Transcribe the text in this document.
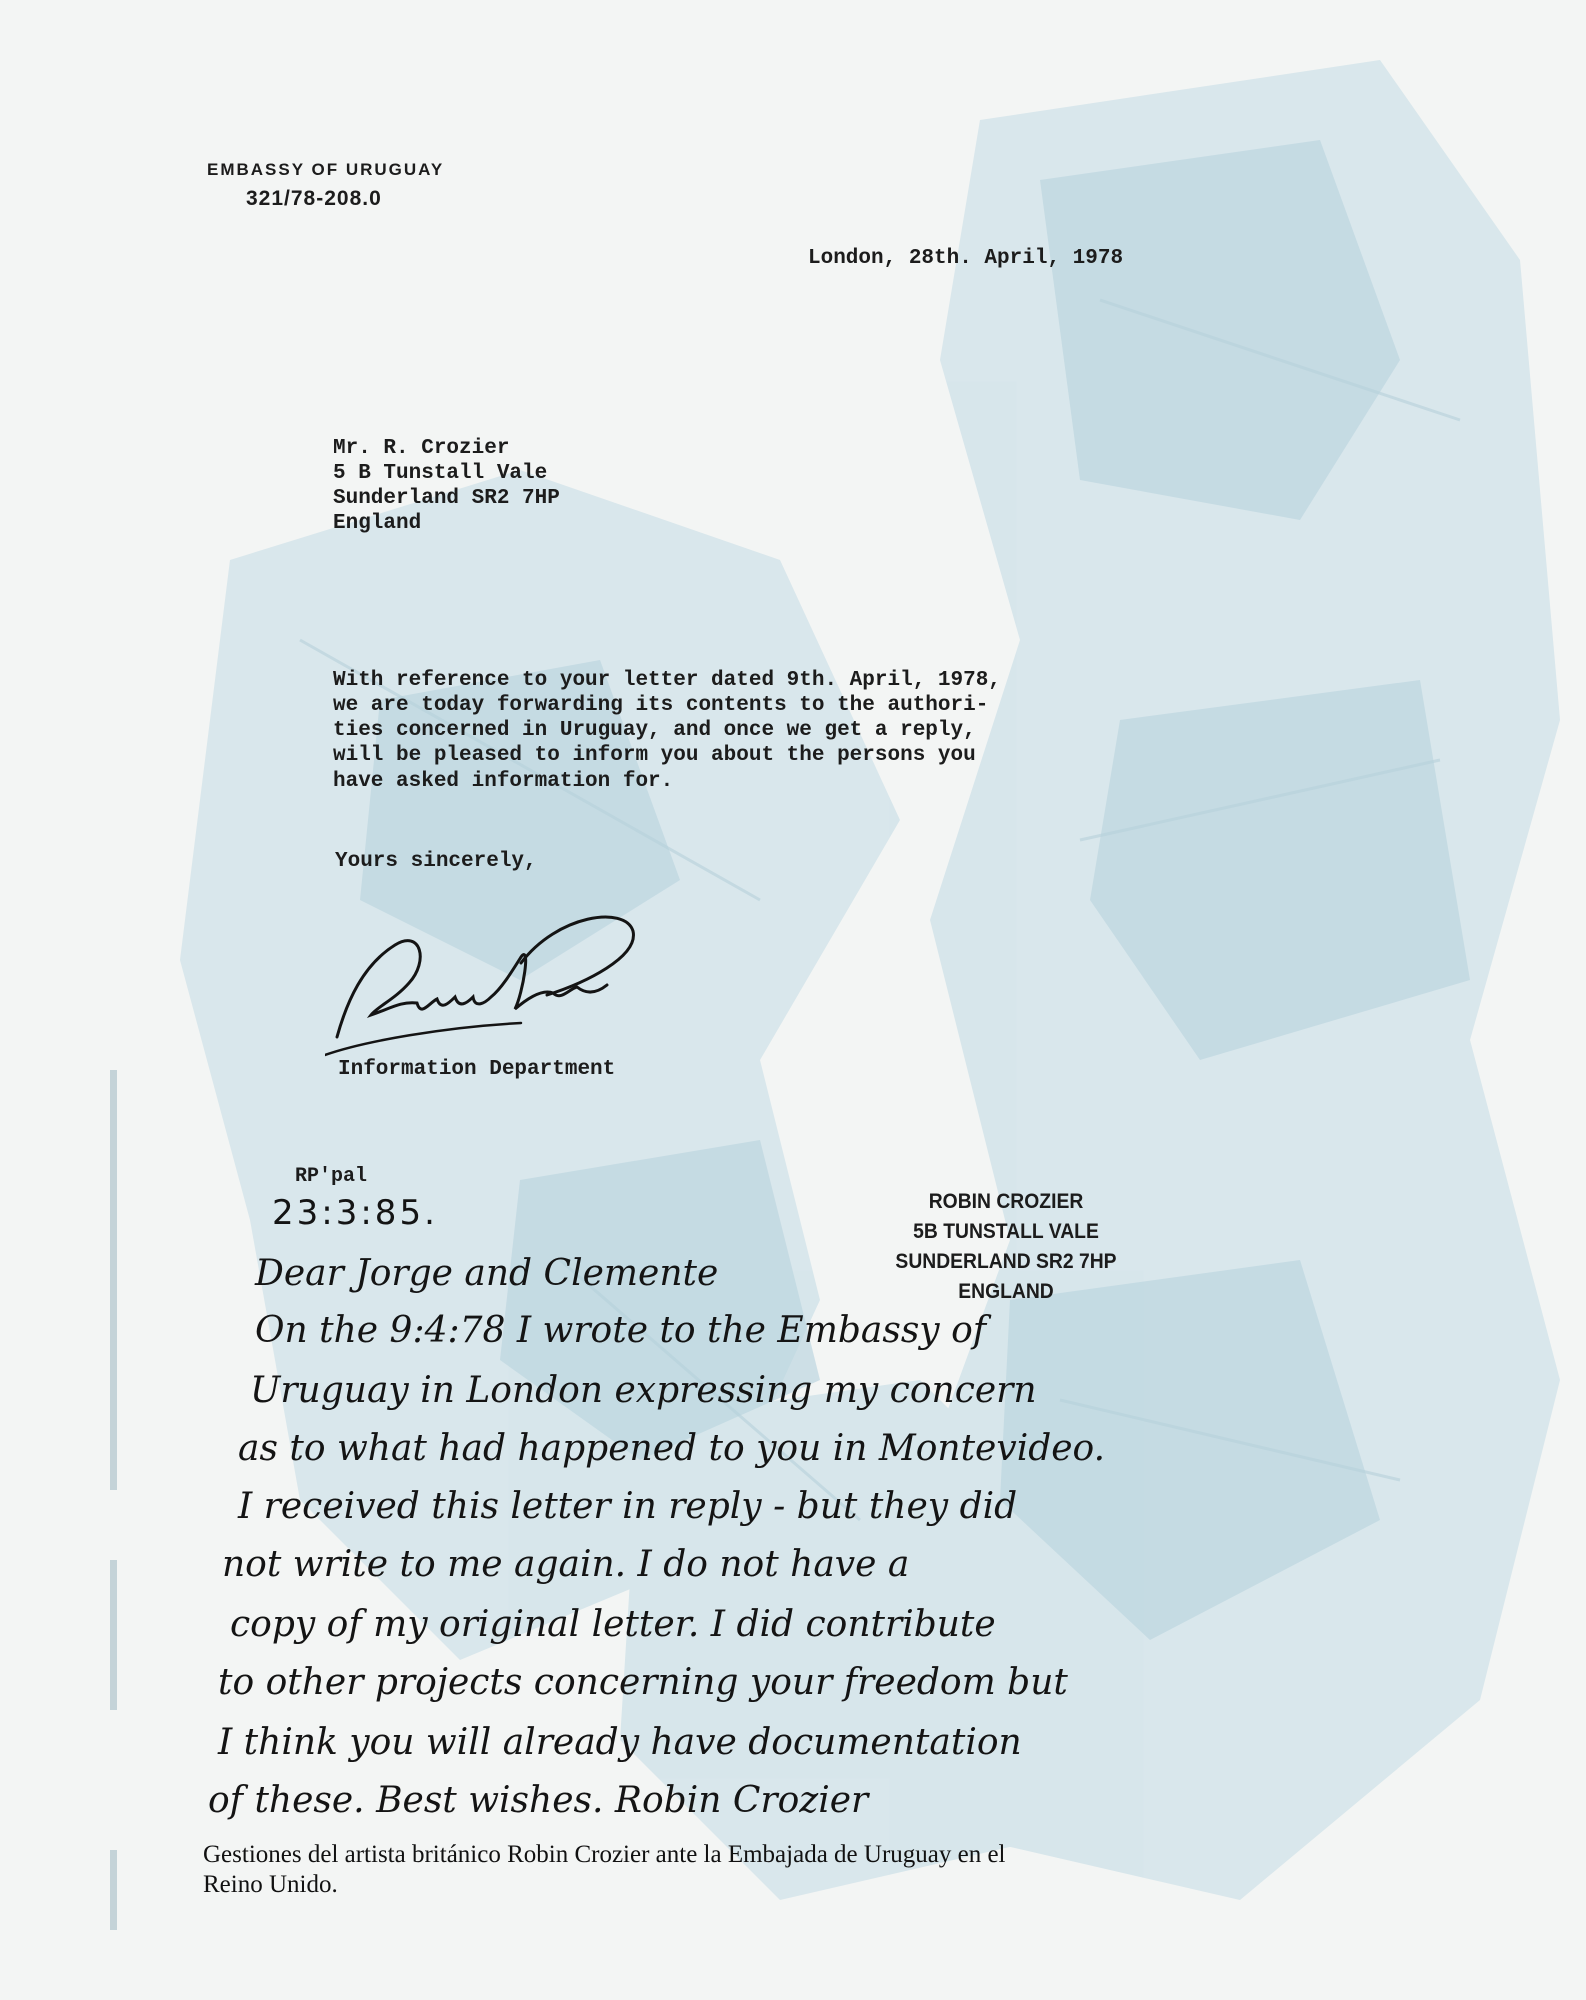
EMBASSY OF URUGUAY
321/78-208.0
London, 28th. April, 1978
Mr. R. Crozier
5 B Tunstall Vale
Sunderland SR2 7HP
England
With reference to your letter dated 9th. April, 1978,
we are today forwarding its contents to the authori-
ties concerned in Uruguay, and once we get a reply,
will be pleased to inform you about the persons you
have asked information for.
Yours sincerely,
Information Department
RP'pal
23:3:85.	ROBIN CROZIER
5B TUNSTALL VALE
SUNDERLAND SR2 7HP
ENGLAND
Dear Jorge and Clemente
On the 9:4:78 I wrote to the Embassy of
Uruguay in London expressing my concern
as to what had happened to you in Montevideo.
I received this letter in reply - but they did
not write to me again. I do not have a
copy of my original letter. I did contribute
to other projects concerning your freedom but
I think you will already have documentation
of these. Best wishes. Robin Crozier
Gestiones del artista británico Robin Crozier ante la Embajada de Uruguay en el
Reino Unido.
